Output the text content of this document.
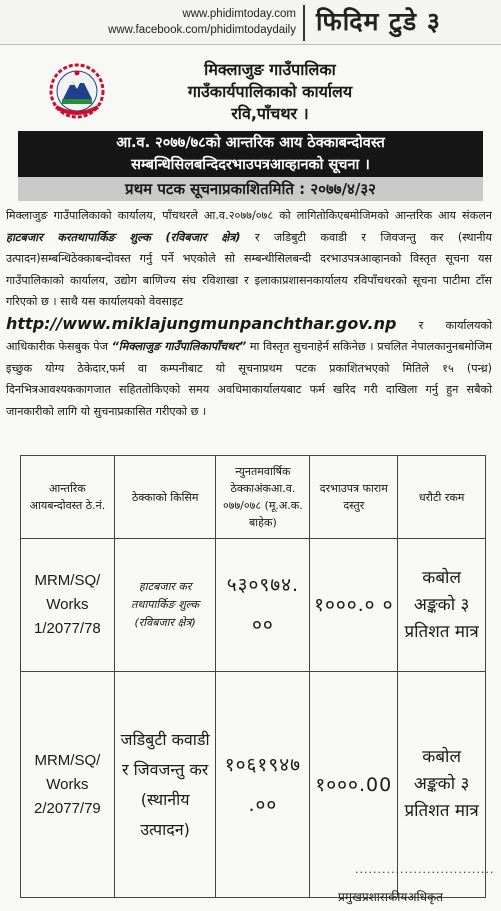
www.phidimtoday.com
www.facebook.com/phidimtodaydaily फिदिम टुडे ३
मिक्लाजुङ गाउँपालिका
गाउँकार्यपालिकाको कार्यालय
रवि,पाँचथर ।
आ.व. २०७७/७८को आन्तरिक आय ठेक्काबन्दोवस्त
सम्बन्धिसिलबन्दिदरभाउपत्रआव्हानको सूचना ।
प्रथम पटक सूचनाप्रकाशितमिति : २०७७/४/३२
मिक्लाजुङ गाउँपालिकाको कार्यालय, पाँचथरले आ.व.२०७७/०७८ को लागितोकिएबमोजिमको आन्तरिक आय संकलन हाटबजार करतथापार्किङ शुल्क (रविबजार क्षेत्र) र जडिबुटी कवाडी र जिवजन्तु कर (स्थानीय उत्पादन)सम्बन्धिठेक्काबन्दोवस्त गर्नु पर्ने भएकोले सो सम्बन्धीसिलबन्दी दरभाउपत्रआव्हानको विस्तृत सूचना यस गाउँपालिकाको कार्यालय, उद्योग बाणिज्य संघ रविशाखा र इलाकाप्रशासनकार्यालय रविपाँचथरको सूचना पाटीमा टाँस गरिएको छ । साथै यस कार्यालयको वेवसाइट
http://www.miklajungmunpanchthar.gov.np र कार्यालयको आधिकारीक फेसबुक पेज “मिक्लाजुङ गाउँपालिकापाँचथर” मा विस्तृत सुचनाहेर्न सकिनेछ । प्रचलित नेपालकानुनबमोजिम इच्छुक योग्य ठेकेदार,फर्म वा कम्पनीबाट यो सूचनाप्रथम पटक प्रकाशितभएको मितिले १५ (पन्ध्र) दिनभित्रआवश्यककागजात सहिततोकिएको समय अवधिमाकार्यालयबाट फर्म खरिद गरी दाखिला गर्नु हुन सबैको जानकारीको लागि यो सुचनाप्रकासित गरीएको छ ।
आन्तरिक आयबन्दोवस्त ठे.नं.	ठेक्काको किसिम	न्युनतमवार्षिक ठेक्काअंकआ.व. ०७७/०७८ (मू.अ.क. बाहेक)	दरभाउपत्र फाराम दस्तुर	धरौटी रकम
MRM/SQ/ Works 1/2077/78	हाटबजार कर तथापार्किङ शुल्क (रविबजार क्षेत्र)	५३०९७४. ००	१०००.० ०	कबोल अङ्कको ३ प्रतिशत मात्र
MRM/SQ/ Works 2/2077/79	जडिबुटी कवाडी र जिवजन्तु कर (स्थानीय उत्पादन)	१०६१९४७ .००	१०००.00	कबोल अङ्कको ३ प्रतिशत मात्र
...............................
प्रमुखप्रशासकीयअधिकृत
